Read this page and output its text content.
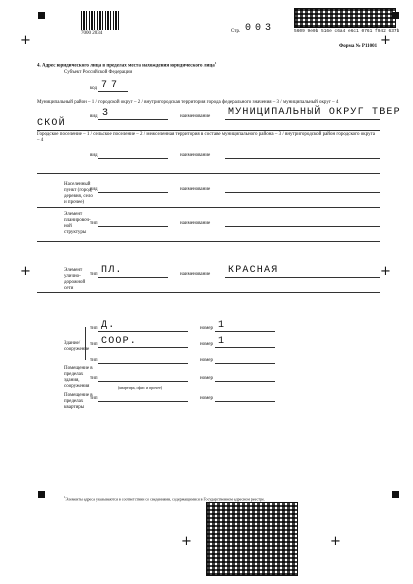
7000 2034	Стр. 003	5609 9e0b 516e c6a4 e6c1 0761 f942 637b
Форма № Р11001
+	+
4. Адрес юридического лица в пределах места нахождения юридического лица$^1$
Субъект Российской Федерации
код 77
Муниципальный район – 1 / городской округ – 2 / внутригородская территория города федерального значения – 3 / муниципальный округ – 4
вид 3	наименование МУНИЦИПАЛЬНЫЙ ОКРУГ ТВЕР
СКОЙ
Городское поселение – 1 / сельское поселение – 2 / межселенная территория в составе муниципального района – 3 / внутригородской район городского округа – 4
вид	наименование
Населенный пункт (город, деревня, село и прочее)
вид	наименование
Элемент планировоч-ной структуры
тип	наименование
+	+
Элемент улично-дорожной сети
тип ПЛ.	наименование КРАСНАЯ
Здание/ сооружение
тип Д.	номер 1
тип СООР.	номер 1
тип	номер
Помещение в пределах здания, сооружения
тип	номер
(квартира, офис и прочее)
Помещение в пределах квартиры
тип	номер
$^1$Элементы адреса указываются в соответствии со сведениями, содержащимися в Государственном адресном реестре.
+	+
